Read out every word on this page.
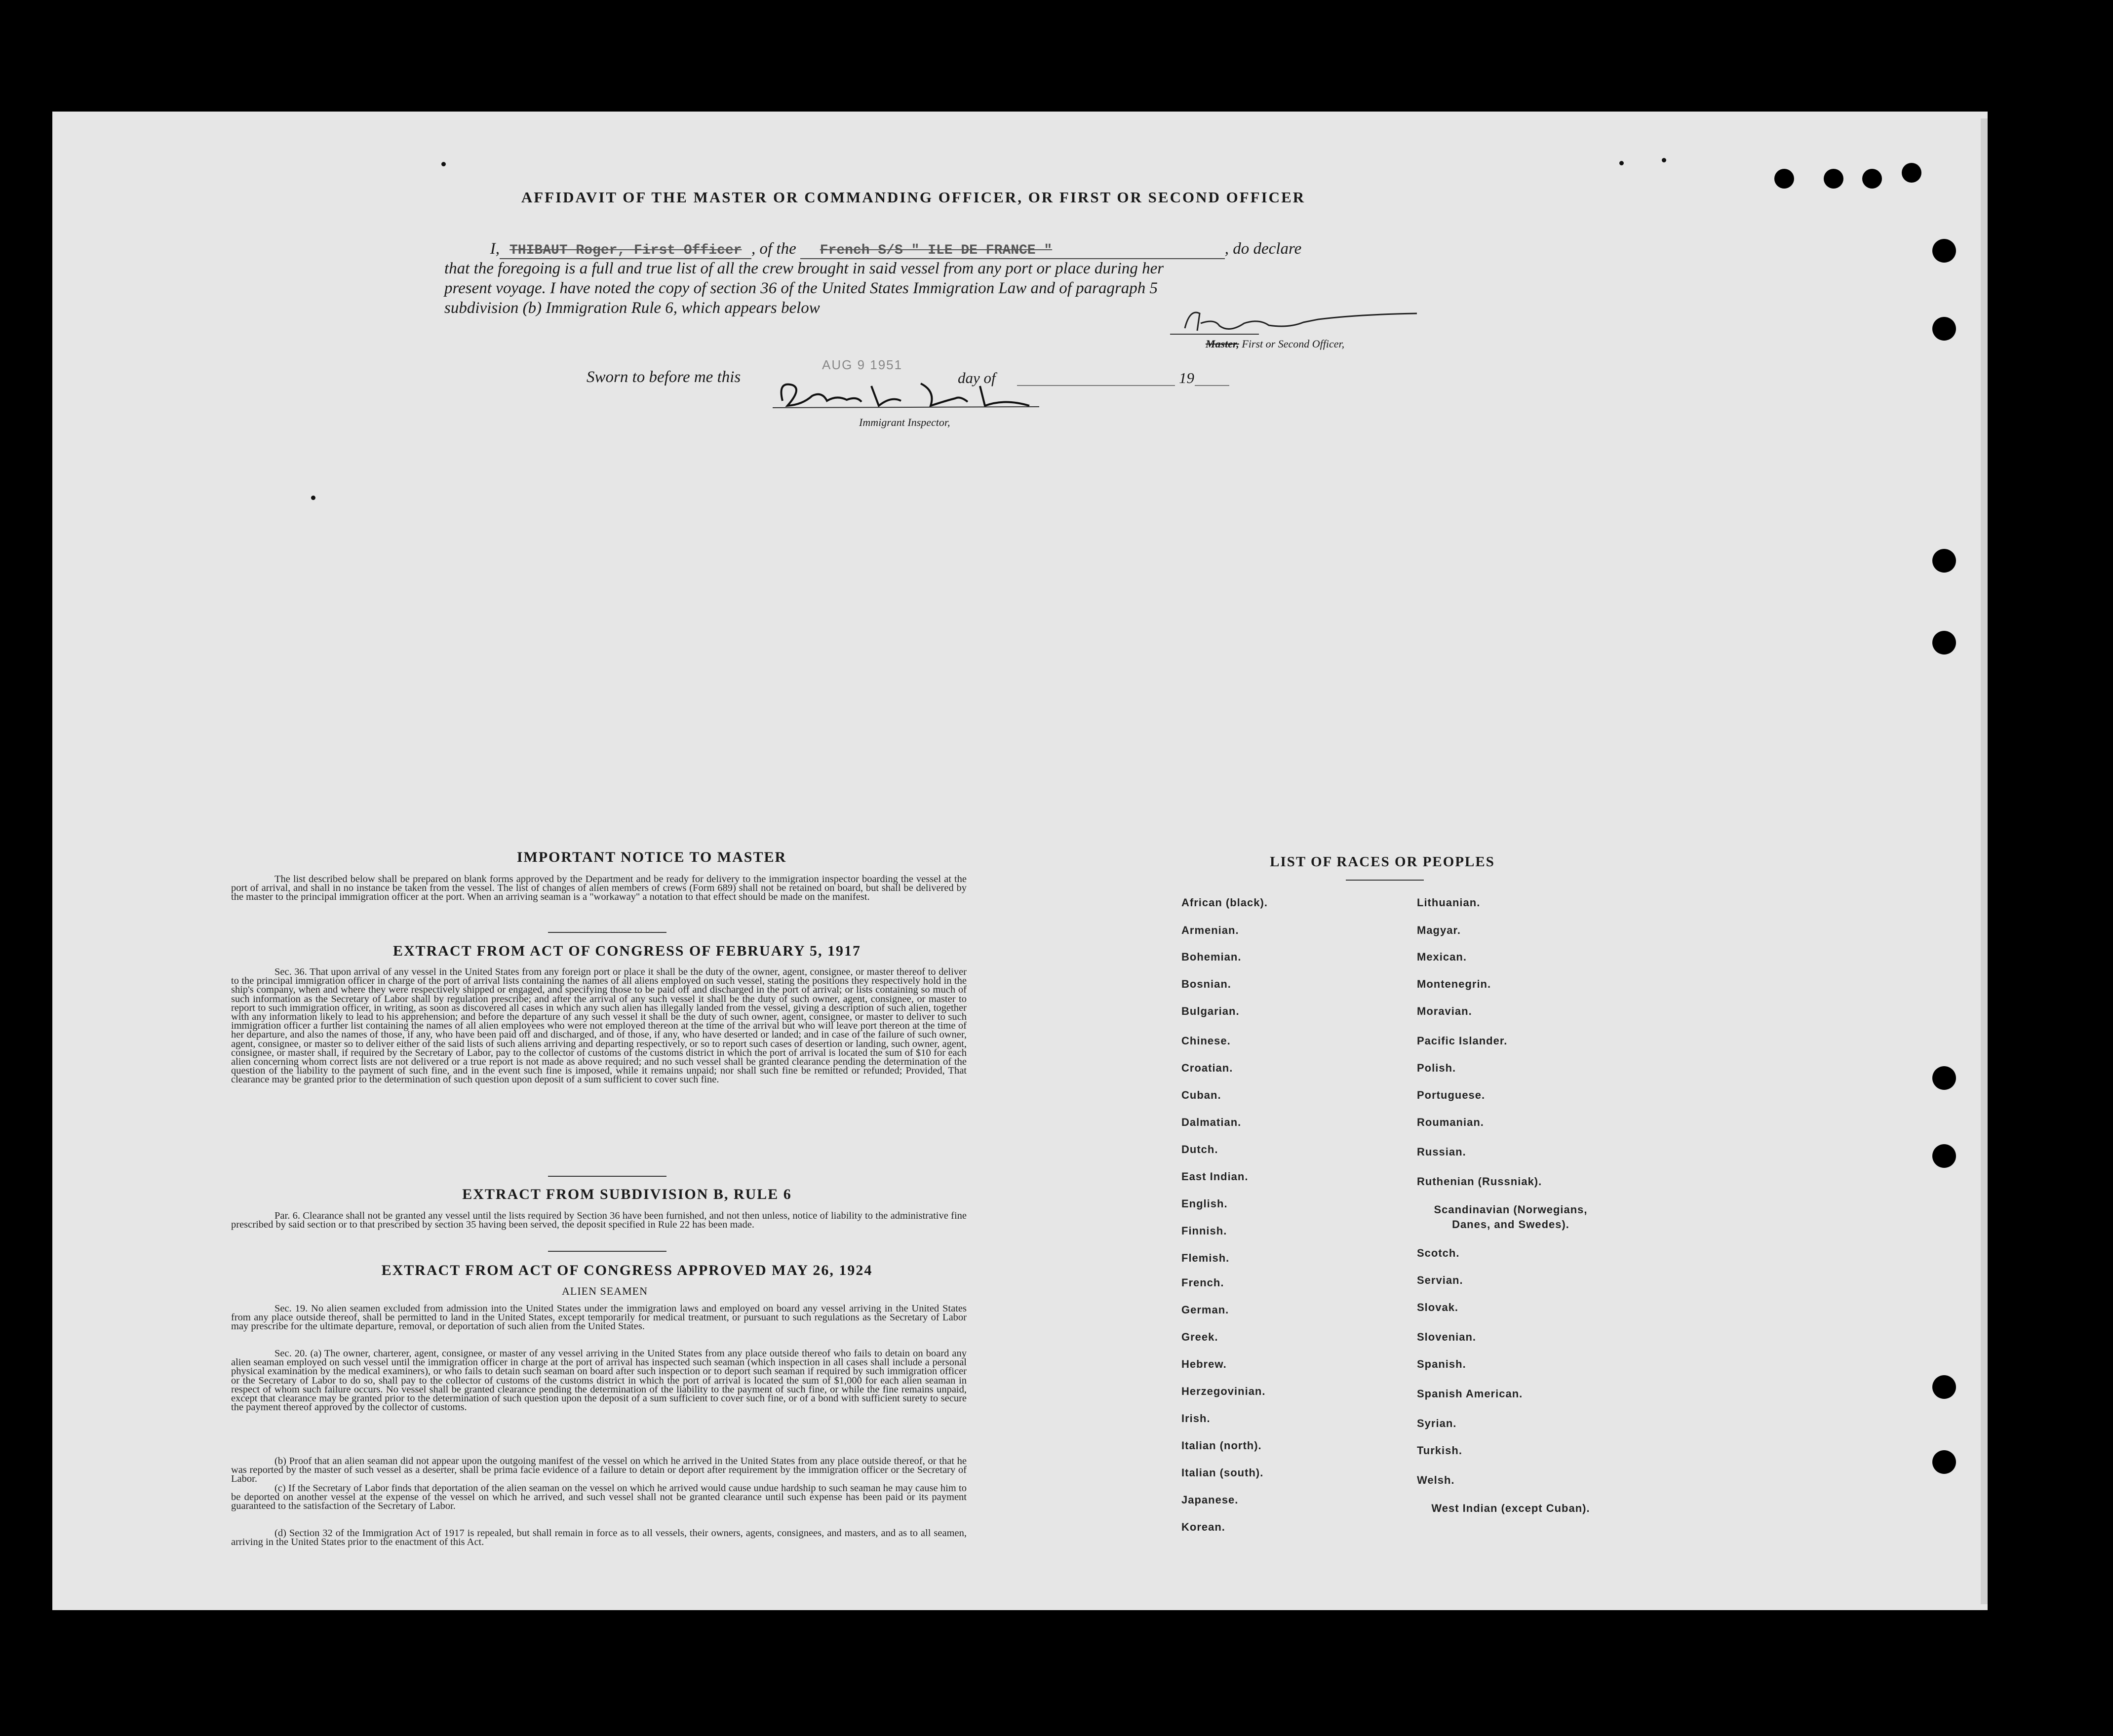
AFFIDAVIT OF THE MASTER OR COMMANDING OFFICER, OR FIRST OR SECOND OFFICER
I, THIBAUT Roger, First Officer , of the French S/S " ILE DE FRANCE "	, do declare
that the foregoing is a full and true list of all the crew brought in said vessel from any port or place during her
present voyage. I have noted the copy of section 36 of the United States Immigration Law and of paragraph 5
subdivision (b) Immigration Rule 6, which appears below
Master, First or Second Officer,
Sworn to before me this
AUG 9 1951
day of	19
Immigrant Inspector,
IMPORTANT NOTICE TO MASTER
The list described below shall be prepared on blank forms approved by the Department and be ready for delivery to the immigration inspector boarding the vessel at the port of arrival, and shall in no instance be taken from the vessel. The list of changes of alien members of crews (Form 689) shall not be retained on board, but shall be delivered by the master to the principal immigration officer at the port. When an arriving seaman is a "workaway" a notation to that effect should be made on the manifest.
EXTRACT FROM ACT OF CONGRESS OF FEBRUARY 5, 1917
Sec. 36. That upon arrival of any vessel in the United States from any foreign port or place it shall be the duty of the owner, agent, consignee, or master thereof to deliver to the principal immigration officer in charge of the port of arrival lists containing the names of all aliens employed on such vessel, stating the positions they respectively hold in the ship's company, when and where they were respectively shipped or engaged, and specifying those to be paid off and discharged in the port of arrival; or lists containing so much of such information as the Secretary of Labor shall by regulation prescribe; and after the arrival of any such vessel it shall be the duty of such owner, agent, consignee, or master to report to such immigration officer, in writing, as soon as discovered all cases in which any such alien has illegally landed from the vessel, giving a description of such alien, together with any information likely to lead to his apprehension; and before the departure of any such vessel it shall be the duty of such owner, agent, consignee, or master to deliver to such immigration officer a further list containing the names of all alien employees who were not employed thereon at the time of the arrival but who will leave port thereon at the time of her departure, and also the names of those, if any, who have been paid off and discharged, and of those, if any, who have deserted or landed; and in case of the failure of such owner, agent, consignee, or master so to deliver either of the said lists of such aliens arriving and departing respectively, or so to report such cases of desertion or landing, such owner, agent, consignee, or master shall, if required by the Secretary of Labor, pay to the collector of customs of the customs district in which the port of arrival is located the sum of $10 for each alien concerning whom correct lists are not delivered or a true report is not made as above required; and no such vessel shall be granted clearance pending the determination of the question of the liability to the payment of such fine, and in the event such fine is imposed, while it remains unpaid; nor shall such fine be remitted or refunded; Provided, That clearance may be granted prior to the determination of such question upon deposit of a sum sufficient to cover such fine.
EXTRACT FROM SUBDIVISION B, RULE 6
Par. 6. Clearance shall not be granted any vessel until the lists required by Section 36 have been furnished, and not then unless, notice of liability to the administrative fine prescribed by said section or to that prescribed by section 35 having been served, the deposit specified in Rule 22 has been made.
EXTRACT FROM ACT OF CONGRESS APPROVED MAY 26, 1924
ALIEN SEAMEN
Sec. 19. No alien seamen excluded from admission into the United States under the immigration laws and employed on board any vessel arriving in the United States from any place outside thereof, shall be permitted to land in the United States, except temporarily for medical treatment, or pursuant to such regulations as the Secretary of Labor may prescribe for the ultimate departure, removal, or deportation of such alien from the United States.
Sec. 20. (a) The owner, charterer, agent, consignee, or master of any vessel arriving in the United States from any place outside thereof who fails to detain on board any alien seaman employed on such vessel until the immigration officer in charge at the port of arrival has inspected such seaman (which inspection in all cases shall include a personal physical examination by the medical examiners), or who fails to detain such seaman on board after such inspection or to deport such seaman if required by such immigration officer or the Secretary of Labor to do so, shall pay to the collector of customs of the customs district in which the port of arrival is located the sum of $1,000 for each alien seaman in respect of whom such failure occurs. No vessel shall be granted clearance pending the determination of the liability to the payment of such fine, or while the fine remains unpaid, except that clearance may be granted prior to the determination of such question upon the deposit of a sum sufficient to cover such fine, or of a bond with sufficient surety to secure the payment thereof approved by the collector of customs.
(b) Proof that an alien seaman did not appear upon the outgoing manifest of the vessel on which he arrived in the United States from any place outside thereof, or that he was reported by the master of such vessel as a deserter, shall be prima facie evidence of a failure to detain or deport after requirement by the immigration officer or the Secretary of Labor.
(c) If the Secretary of Labor finds that deportation of the alien seaman on the vessel on which he arrived would cause undue hardship to such seaman he may cause him to be deported on another vessel at the expense of the vessel on which he arrived, and such vessel shall not be granted clearance until such expense has been paid or its payment guaranteed to the satisfaction of the Secretary of Labor.
(d) Section 32 of the Immigration Act of 1917 is repealed, but shall remain in force as to all vessels, their owners, agents, consignees, and masters, and as to all seamen, arriving in the United States prior to the enactment of this Act.
LIST OF RACES OR PEOPLES
African (black).
Armenian.
Bohemian.
Bosnian.
Bulgarian.
Chinese.
Croatian.
Cuban.
Dalmatian.
Dutch.
East Indian.
English.
Finnish.
Flemish.
French.
German.
Greek.
Hebrew.
Herzegovinian.
Irish.
Italian (north).
Italian (south).
Japanese.
Korean.
Lithuanian.
Magyar.
Mexican.
Montenegrin.
Moravian.
Pacific Islander.
Polish.
Portuguese.
Roumanian.
Russian.
Ruthenian (Russniak).
Scandinavian (Norwegians, Danes, and Swedes).
Scotch.
Servian.
Slovak.
Slovenian.
Spanish.
Spanish American.
Syrian.
Turkish.
Welsh.
West Indian (except Cuban).
